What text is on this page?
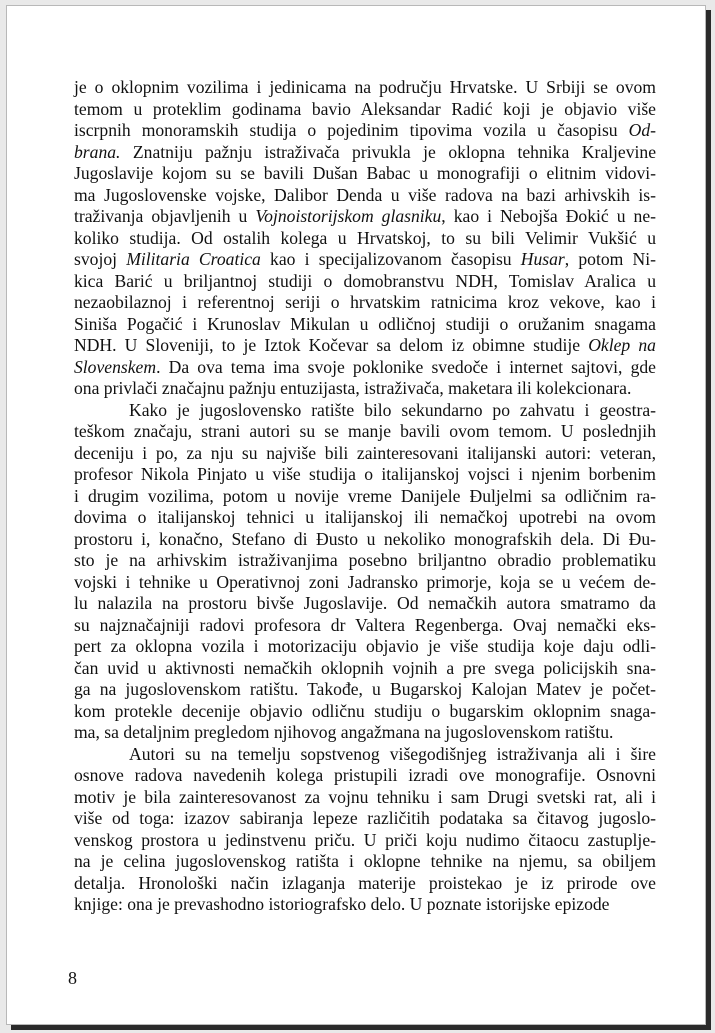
je o oklopnim vozilima i jedinicama na području Hrvatske. U Srbiji se ovom
temom u proteklim godinama bavio Aleksandar Radić koji je objavio više
iscrpnih monoramskih studija o pojedinim tipovima vozila u časopisu Od-
brana. Znatniju pažnju istraživača privukla je oklopna tehnika Kraljevine
Jugoslavije kojom su se bavili Dušan Babac u monografiji o elitnim vidovi-
ma Jugoslovenske vojske, Dalibor Denda u više radova na bazi arhivskih is-
traživanja objavljenih u Vojnoistorijskom glasniku, kao i Nebojša Đokić u ne-
koliko studija. Od ostalih kolega u Hrvatskoj, to su bili Velimir Vukšić u
svojoj Militaria Croatica kao i specijalizovanom časopisu Husar, potom Ni-
kica Barić u briljantnoj studiji o domobranstvu NDH, Tomislav Aralica u
nezaobilaznoj i referentnoj seriji o hrvatskim ratnicima kroz vekove, kao i
Siniša Pogačić i Krunoslav Mikulan u odličnoj studiji o oružanim snagama
NDH. U Sloveniji, to je Iztok Kočevar sa delom iz obimne studije Oklep na
Slovenskem. Da ova tema ima svoje poklonike svedoče i internet sajtovi, gde
ona privlači značajnu pažnju entuzijasta, istraživača, maketara ili kolekcionara.
Kako je jugoslovensko ratište bilo sekundarno po zahvatu i geostra-
teškom značaju, strani autori su se manje bavili ovom temom. U poslednjih
deceniju i po, za nju su najviše bili zainteresovani italijanski autori: veteran,
profesor Nikola Pinjato u više studija o italijanskoj vojsci i njenim borbenim
i drugim vozilima, potom u novije vreme Danijele Đuljelmi sa odličnim ra-
dovima o italijanskoj tehnici u italijanskoj ili nemačkoj upotrebi na ovom
prostoru i, konačno, Stefano di Đusto u nekoliko monografskih dela. Di Đu-
sto je na arhivskim istraživanjima posebno briljantno obradio problematiku
vojski i tehnike u Operativnoj zoni Jadransko primorje, koja se u većem de-
lu nalazila na prostoru bivše Jugoslavije. Od nemačkih autora smatramo da
su najznačajniji radovi profesora dr Valtera Regenberga. Ovaj nemački eks-
pert za oklopna vozila i motorizaciju objavio je više studija koje daju odli-
čan uvid u aktivnosti nemačkih oklopnih vojnih a pre svega policijskih sna-
ga na jugoslovenskom ratištu. Takođe, u Bugarskoj Kalojan Matev je počet-
kom protekle decenije objavio odličnu studiju o bugarskim oklopnim snaga-
ma, sa detaljnim pregledom njihovog angažmana na jugoslovenskom ratištu.
Autori su na temelju sopstvenog višegodišnjeg istraživanja ali i šire
osnove radova navedenih kolega pristupili izradi ove monografije. Osnovni
motiv je bila zainteresovanost za vojnu tehniku i sam Drugi svetski rat, ali i
više od toga: izazov sabiranja lepeze različitih podataka sa čitavog jugoslo-
venskog prostora u jedinstvenu priču. U priči koju nudimo čitaocu zastuplje-
na je celina jugoslovenskog ratišta i oklopne tehnike na njemu, sa obiljem
detalja. Hronološki način izlaganja materije proistekao je iz prirode ove
knjige: ona je prevashodno istoriografsko delo. U poznate istorijske epizode
8
